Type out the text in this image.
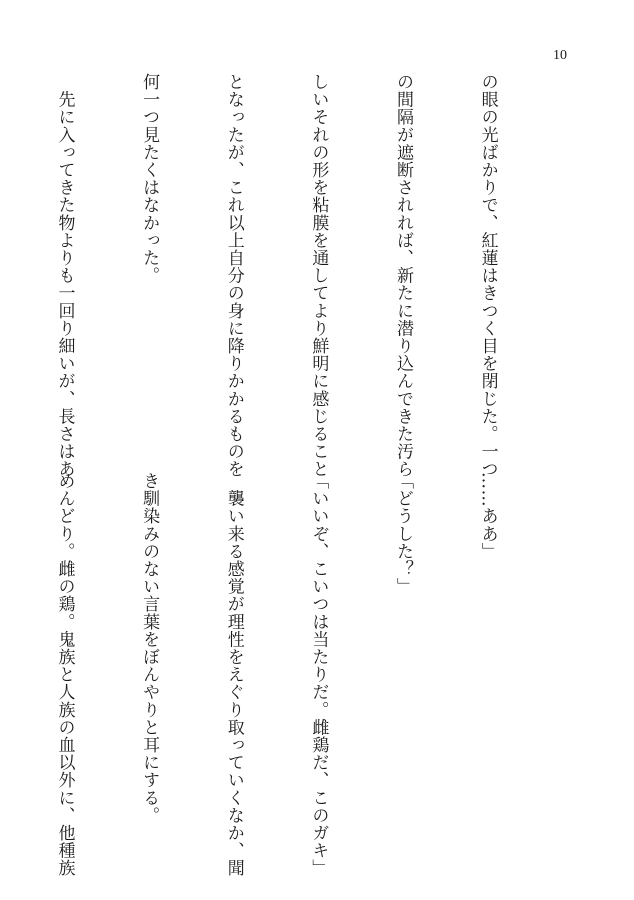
10

の眼の光ばかりで、紅蓮はきつく目を閉じた。一つ

の間隔が遮断されれば、新たに潜り込んできた汚ら

しいそれの形を粘膜を通してより鮮明に感じること

となったが、これ以上自分の身に降りかかるものを

何一つ見たくはなかった。

　先に入ってきた物よりも一回り細いが、長さはあ

……ああ」

「どうした？」

「いいぞ、こいつは当たりだ。雌鶏だ、このガキ」

　襲い来る感覚が理性をえぐり取っていくなか、聞

き馴染みのない言葉をぼんやりと耳にする。

めんどり。雌の鶏。鬼族と人族の血以外に、他種族
